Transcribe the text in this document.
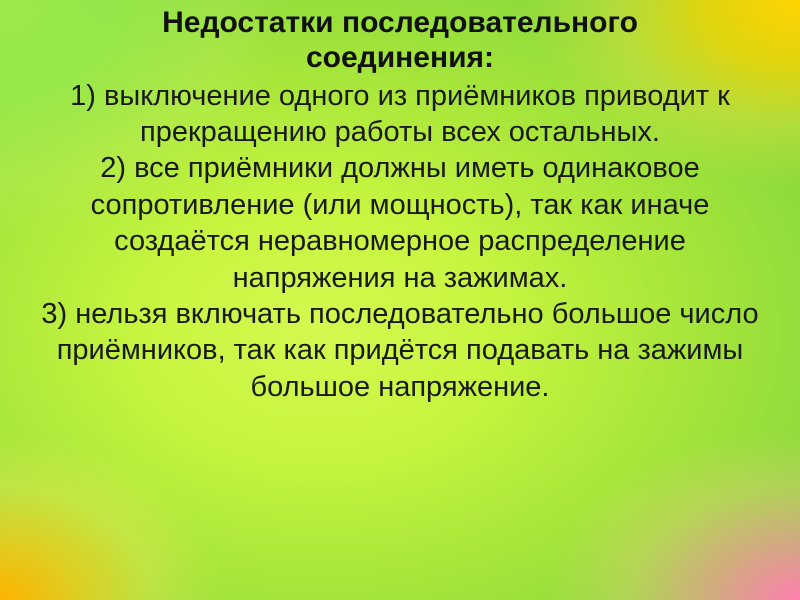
Недостатки последовательного
соединения:

1) выключение одного из приёмников приводит к прекращению работы всех остальных.

2) все приёмники должны иметь одинаковое сопротивление (или мощность), так как иначе создаётся неравномерное распределение напряжения на зажимах.

3) нельзя включать последовательно большое число приёмников, так как придётся подавать на зажимы большое напряжение.
